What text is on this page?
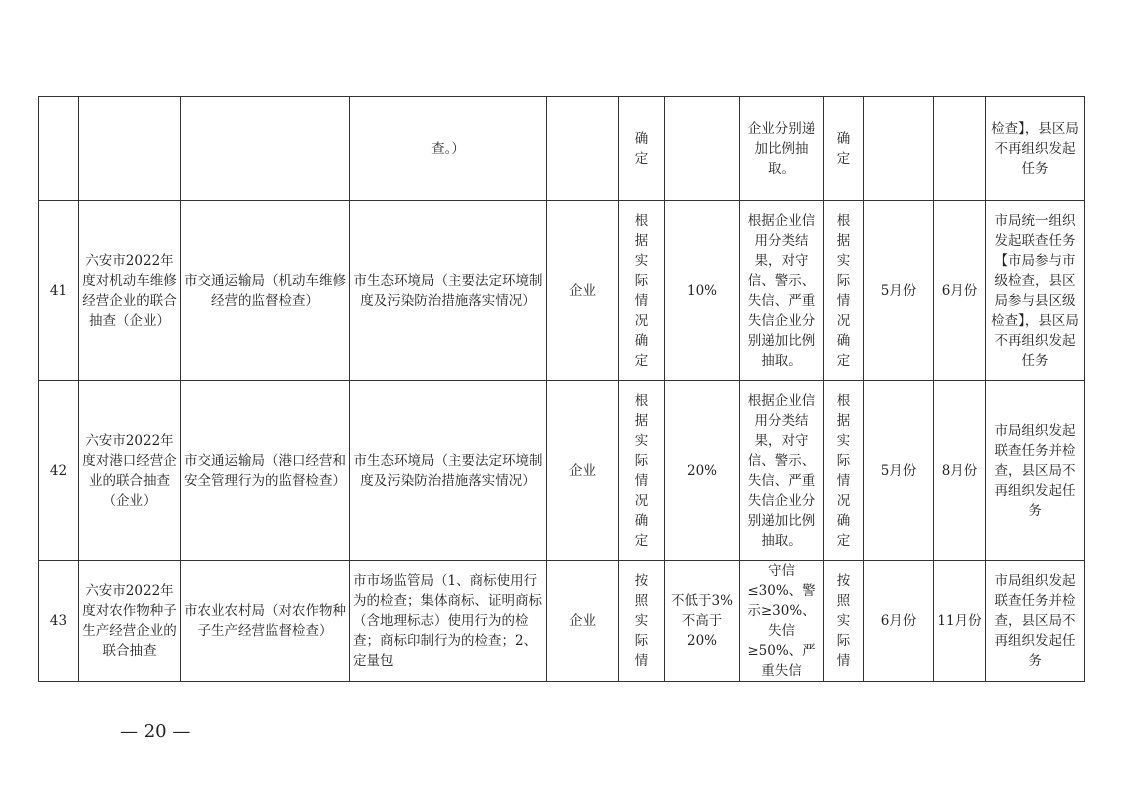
			查。）		确定		企业分别递加比例抽取。	确定			检查】，县区局不再组织发起任务
41	六安市2022年度对机动车维修经营企业的联合抽查（企业）	市交通运输局（机动车维修经营的监督检查）	市生态环境局（主要法定环境制度及污染防治措施落实情况）	企业	根据实际情况确定	10%	根据企业信用分类结果，对守信、警示、失信、严重失信企业分别递加比例抽取。	根据实际情况确定	5月份	6月份	市局统一组织发起联查任务【市局参与市级检查，县区局参与县区级检查】，县区局不再组织发起任务
42	六安市2022年度对港口经营企业的联合抽查（企业）	市交通运输局（港口经营和安全管理行为的监督检查）	市生态环境局（主要法定环境制度及污染防治措施落实情况）	企业	根据实际情况确定	20%	根据企业信用分类结果，对守信、警示、失信、严重失信企业分别递加比例抽取。	根据实际情况确定	5月份	8月份	市局组织发起联查任务并检查，县区局不再组织发起任务
43	六安市2022年度对农作物种子生产经营企业的联合抽查	市农业农村局（对农作物种子生产经营监督检查）	市市场监管局（1、商标使用行为的检查；集体商标、证明商标（含地理标志）使用行为的检查；商标印制行为的检查；2、定量包	企业	按照实际情	不低于3%不高于20%	守信≤30%、警示≥30%、失信≥50%、严重失信	按照实际情	6月份	11月份	市局组织发起联查任务并检查，县区局不再组织发起任务
— 20 —
